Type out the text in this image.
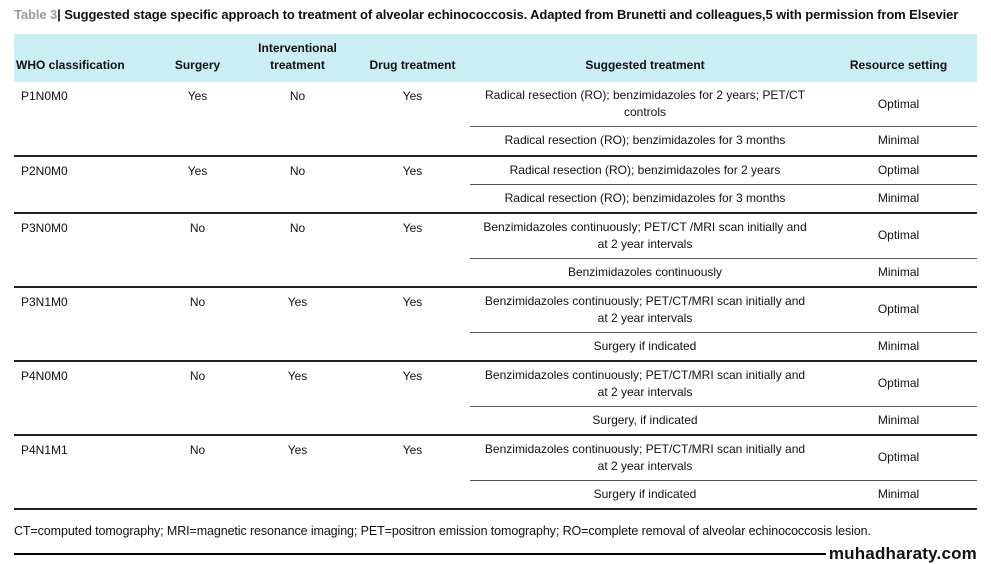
Table 3| Suggested stage specific approach to treatment of alveolar echinococcosis. Adapted from Brunetti and colleagues,5 with permission from Elsevier
WHO classification	Surgery	Interventional treatment	Drug treatment	Suggested treatment	Resource setting
P1N0M0	Yes	No	Yes	Radical resection (RO); benzimidazoles for 2 years; PET/CT controls	Optimal
				Radical resection (RO); benzimidazoles for 3 months	Minimal
P2N0M0	Yes	No	Yes	Radical resection (RO); benzimidazoles for 2 years	Optimal
				Radical resection (RO); benzimidazoles for 3 months	Minimal
P3N0M0	No	No	Yes	Benzimidazoles continuously; PET/CT /MRI scan initially and at 2 year intervals	Optimal
				Benzimidazoles continuously	Minimal
P3N1M0	No	Yes	Yes	Benzimidazoles continuously; PET/CT/MRI scan initially and at 2 year intervals	Optimal
				Surgery if indicated	Minimal
P4N0M0	No	Yes	Yes	Benzimidazoles continuously; PET/CT/MRI scan initially and at 2 year intervals	Optimal
				Surgery, if indicated	Minimal
P4N1M1	No	Yes	Yes	Benzimidazoles continuously; PET/CT/MRI scan initially and at 2 year intervals	Optimal
				Surgery if indicated	Minimal
CT=computed tomography; MRI=magnetic resonance imaging; PET=positron emission tomography; RO=complete removal of alveolar echinococcosis lesion.
muhadharaty.com
